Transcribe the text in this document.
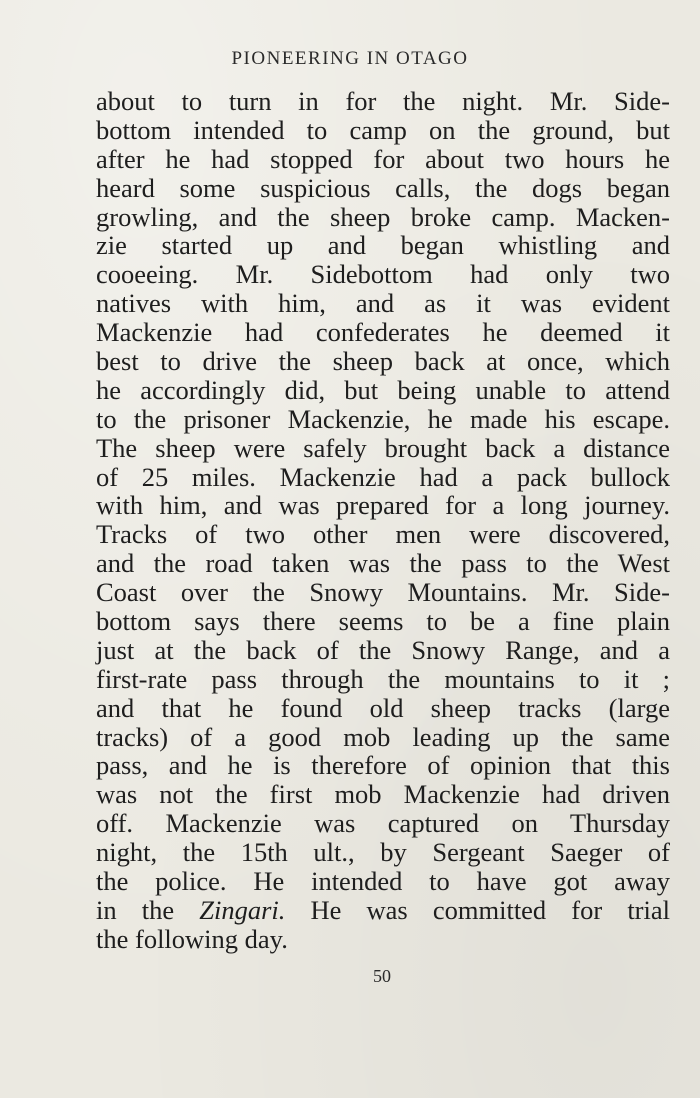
PIONEERING IN OTAGO
about to turn in for the night. Mr. Side-
bottom intended to camp on the ground, but
after he had stopped for about two hours he
heard some suspicious calls, the dogs began
growling, and the sheep broke camp. Macken-
zie started up and began whistling and
cooeeing. Mr. Sidebottom had only two
natives with him, and as it was evident
Mackenzie had confederates he deemed it
best to drive the sheep back at once, which
he accordingly did, but being unable to attend
to the prisoner Mackenzie, he made his escape.
The sheep were safely brought back a distance
of 25 miles. Mackenzie had a pack bullock
with him, and was prepared for a long journey.
Tracks of two other men were discovered,
and the road taken was the pass to the West
Coast over the Snowy Mountains. Mr. Side-
bottom says there seems to be a fine plain
just at the back of the Snowy Range, and a
first-rate pass through the mountains to it ;
and that he found old sheep tracks (large
tracks) of a good mob leading up the same
pass, and he is therefore of opinion that this
was not the first mob Mackenzie had driven
off. Mackenzie was captured on Thursday
night, the 15th ult., by Sergeant Saeger of
the police. He intended to have got away
in the Zingari. He was committed for trial
the following day.
50
